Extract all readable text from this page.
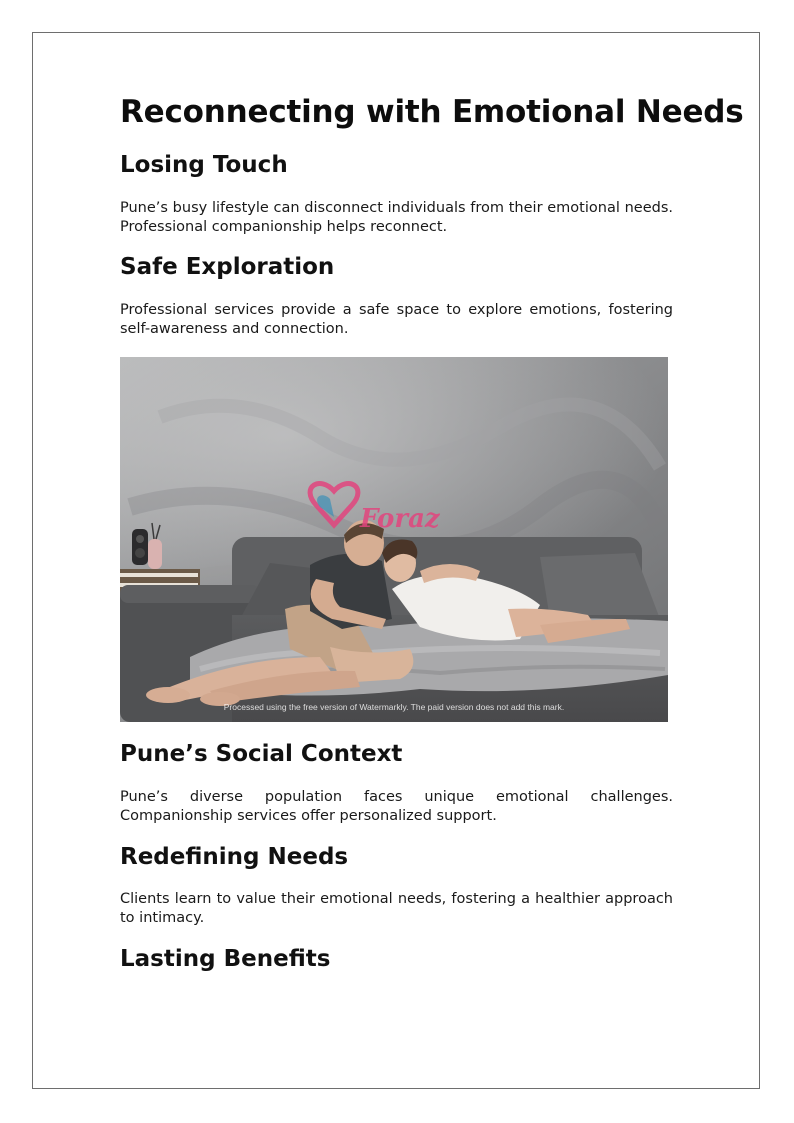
Reconnecting with Emotional Needs
Losing Touch

Pune’s busy lifestyle can disconnect individuals from their emotional needs. Professional companionship helps reconnect.

Safe Exploration

Professional services provide a safe space to explore emotions, fostering self-awareness and connection.

Pune’s Social Context

Pune’s diverse population faces unique emotional challenges. Companionship services offer personalized support.

Redefining Needs

Clients learn to value their emotional needs, fostering a healthier approach to intimacy.

Lasting Benefits
Foraz
Processed using the free version of Watermarkly. The paid version does not add this mark.
